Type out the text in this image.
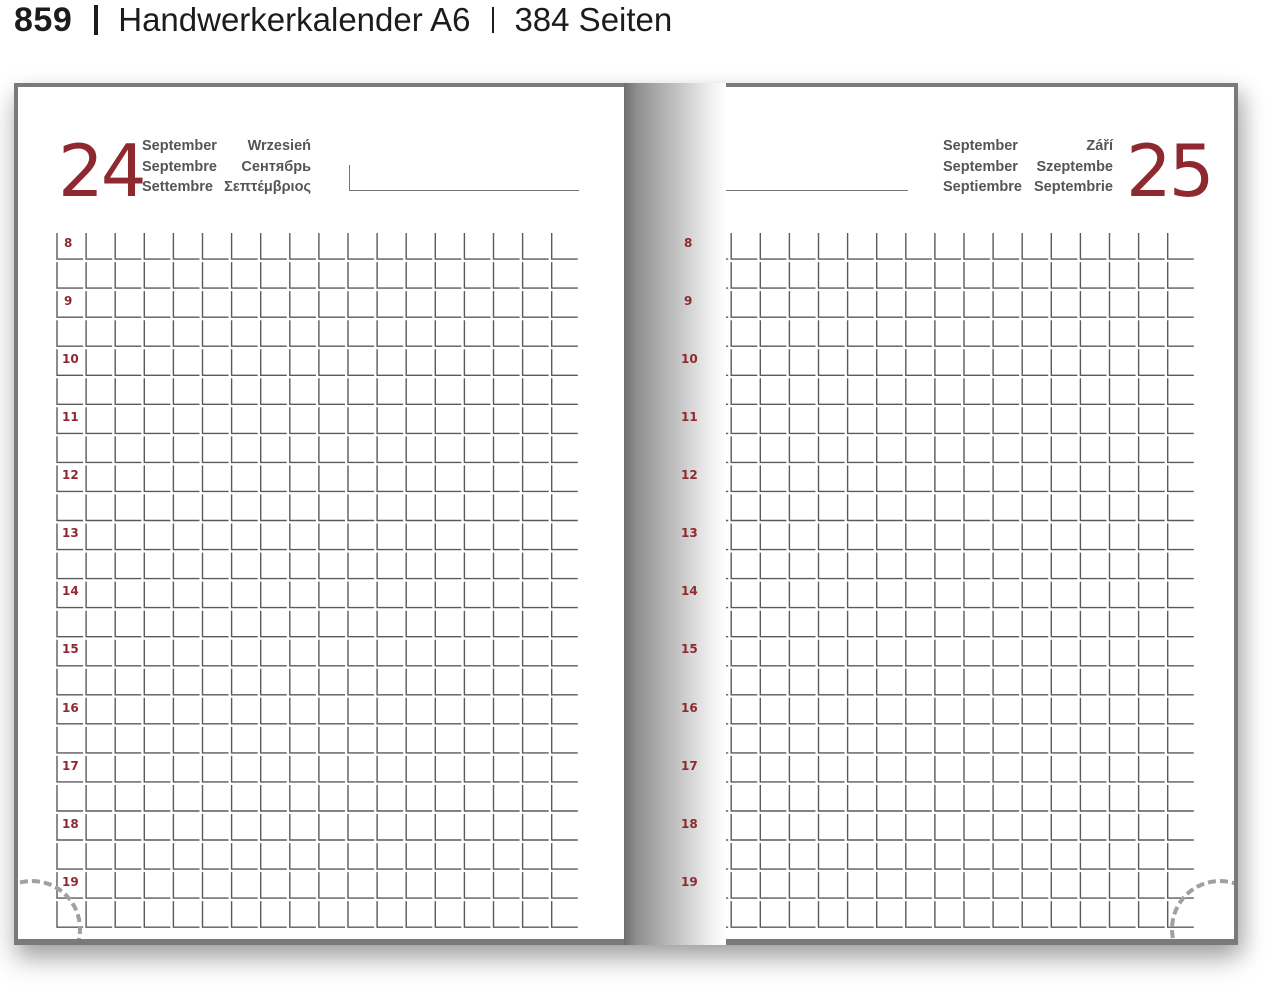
859 Handwerkerkalender A6 384 Seiten
24
September
Septembre
Settembre
Wrzesień
Сентябрь
Σεπτέμβριος
September
September
Septiembre
Září
Szeptembe
Septembrie 25
8
9
10
11
12
13
14
15
16
17
18
19
8
9
10
11
12
13
14
15
16
17
18
19
